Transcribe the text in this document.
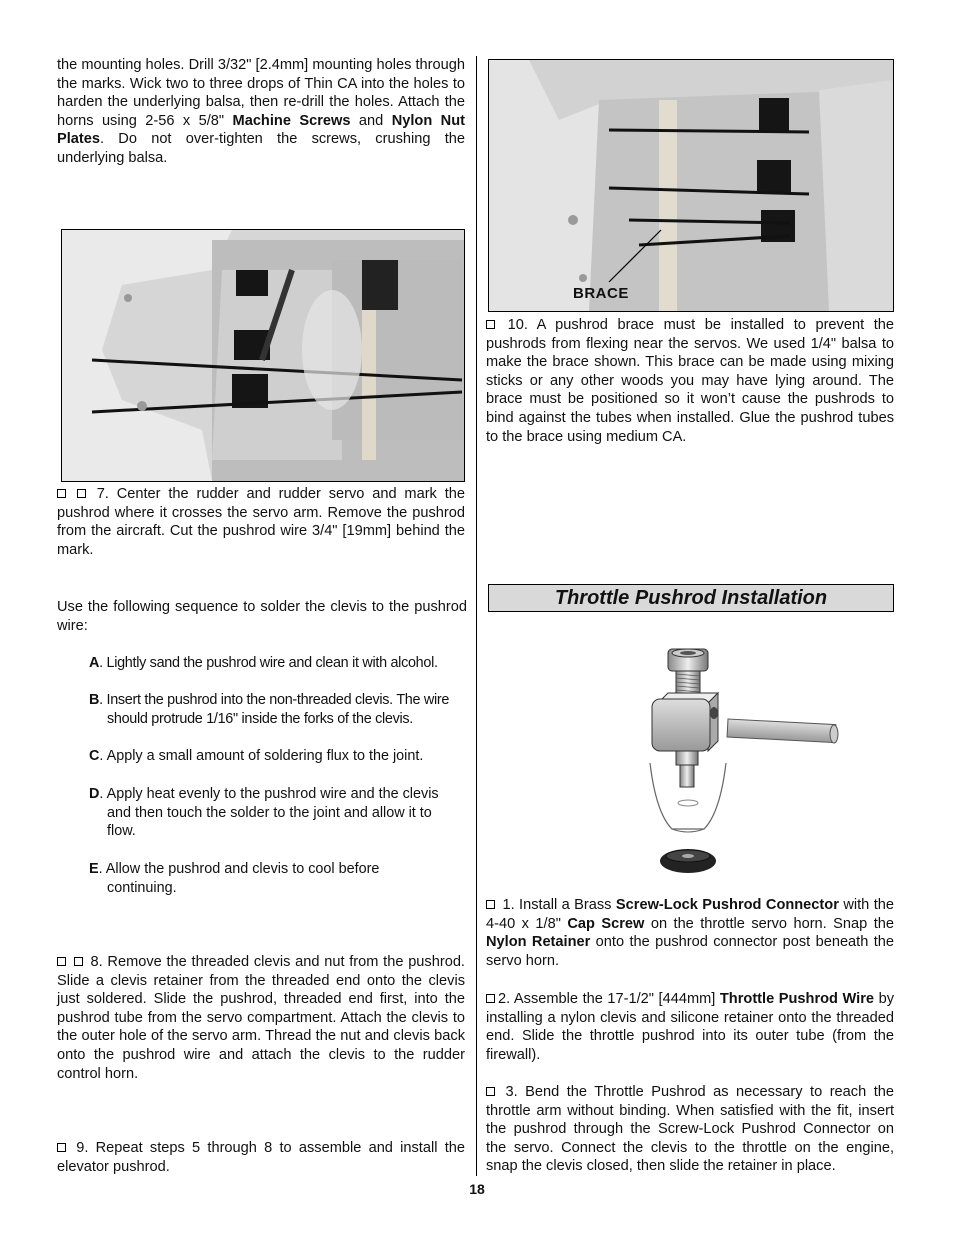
the mounting holes. Drill 3/32" [2.4mm] mounting holes through the marks. Wick two to three drops of Thin CA into the holes to harden the underlying balsa, then re-drill the holes. Attach the horns using 2-56 x 5/8" Machine Screws and Nylon Nut Plates. Do not over-tighten the screws, crushing the underlying balsa.

7. Center the rudder and rudder servo and mark the pushrod where it crosses the servo arm. Remove the pushrod from the aircraft. Cut the pushrod wire 3/4" [19mm] behind the mark.

Use the following sequence to solder the clevis to the pushrod wire:

A. Lightly sand the pushrod wire and clean it with alcohol.

B. Insert the pushrod into the non-threaded clevis. The wire should protrude 1/16" inside the forks of the clevis.

C. Apply a small amount of soldering flux to the joint.

D. Apply heat evenly to the pushrod wire and the clevis and then touch the solder to the joint and allow it to flow.

E. Allow the pushrod and clevis to cool before continuing.

8. Remove the threaded clevis and nut from the pushrod. Slide a clevis retainer from the threaded end onto the clevis just soldered. Slide the pushrod, threaded end first, into the pushrod tube from the servo compartment. Attach the clevis to the outer hole of the servo arm. Thread the nut and clevis back onto the pushrod wire and attach the clevis to the rudder control horn.

9. Repeat steps 5 through 8 to assemble and install the elevator pushrod.

BRACE

10. A pushrod brace must be installed to prevent the pushrods from flexing near the servos. We used 1/4" balsa to make the brace shown. This brace can be made using mixing sticks or any other woods you may have lying around. The brace must be positioned so it won’t cause the pushrods to bind against the tubes when installed. Glue the pushrod tubes to the brace using medium CA.

Throttle Pushrod Installation

1. Install a Brass Screw-Lock Pushrod Connector with the 4-40 x 1/8" Cap Screw on the throttle servo horn. Snap the Nylon Retainer onto the pushrod connector post beneath the servo horn.

2. Assemble the 17-1/2" [444mm] Throttle Pushrod Wire by installing a nylon clevis and silicone retainer onto the threaded end. Slide the throttle pushrod into its outer tube (from the firewall).

3. Bend the Throttle Pushrod as necessary to reach the throttle arm without binding. When satisfied with the fit, insert the pushrod through the Screw-Lock Pushrod Connector on the servo. Connect the clevis to the throttle on the engine, snap the clevis closed, then slide the retainer in place.

18
